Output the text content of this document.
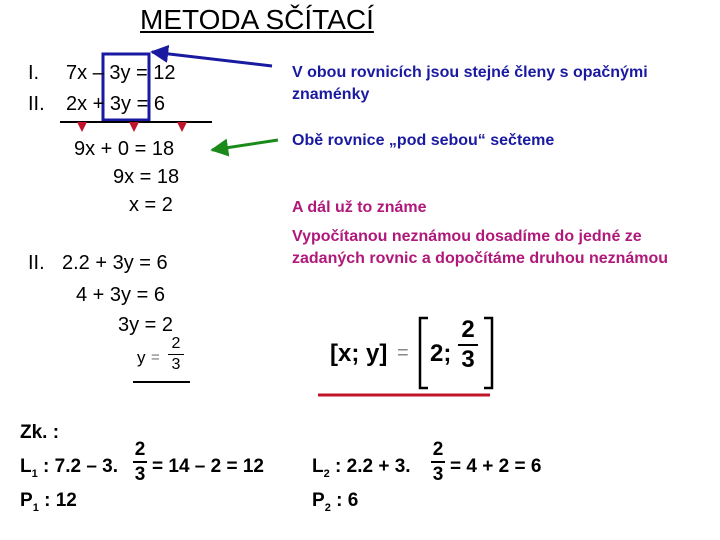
METODA SČÍTACÍ
I. 7x – 3y = 12
II. 2x + 3y = 6
9x + 0 = 18
9x = 18
x = 2
II. 2.2 + 3y = 6
4 + 3y = 6
3y = 2
y =
2
3
V obou rovnicích jsou stejné členy s opačnými znaménky
Obě rovnice „pod sebou“ sečteme
A dál už to známe
Vypočítanou neznámou dosadíme do jedné ze zadaných rovnic a dopočítáme druhou neznámou
[x; y] = 2;
2
3
Zk. :
$L_1$ : 7.2 – 3.
2
3 = 14 – 2 = 12
$P_1$ : 12
$L_2$ : 2.2 + 3.
2
3 = 4 + 2 = 6
$P_2$ : 6
